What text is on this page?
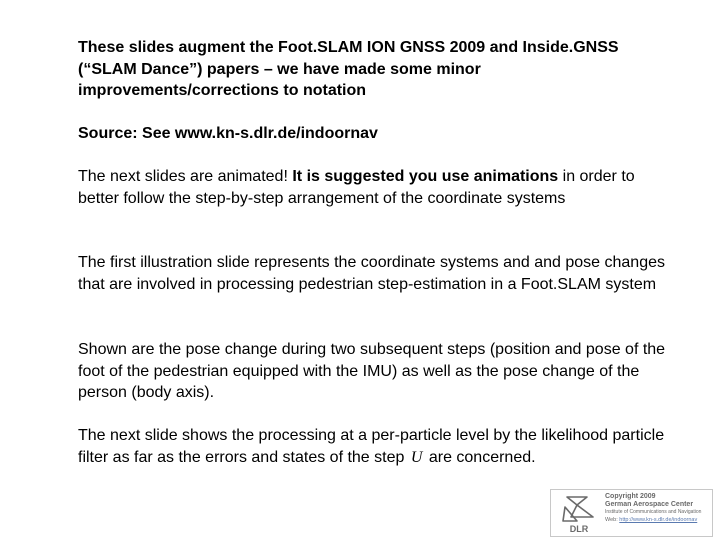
These slides augment the Foot.SLAM ION GNSS 2009 and Inside.GNSS (“SLAM Dance”) papers – we have made some minor improvements/corrections to notation
Source: See www.kn-s.dlr.de/indoornav
The next slides are animated! It is suggested you use animations in order to better follow the step-by-step arrangement of the coordinate systems
The first illustration slide represents the coordinate systems and and pose changes that are involved in processing pedestrian step-estimation in a Foot.SLAM system
Shown are the pose change during two subsequent steps (position and pose of the foot of the pedestrian equipped with the IMU) as well as the pose change of the person (body axis).
The next slide shows the processing at a per-particle level by the likelihood particle filter as far as the errors and states of the step U are concerned.
DLR
Copyright 2009
German Aerospace Center
Institute of Communications and Navigation
Web: http://www.kn-s.dlr.de/indoornav
